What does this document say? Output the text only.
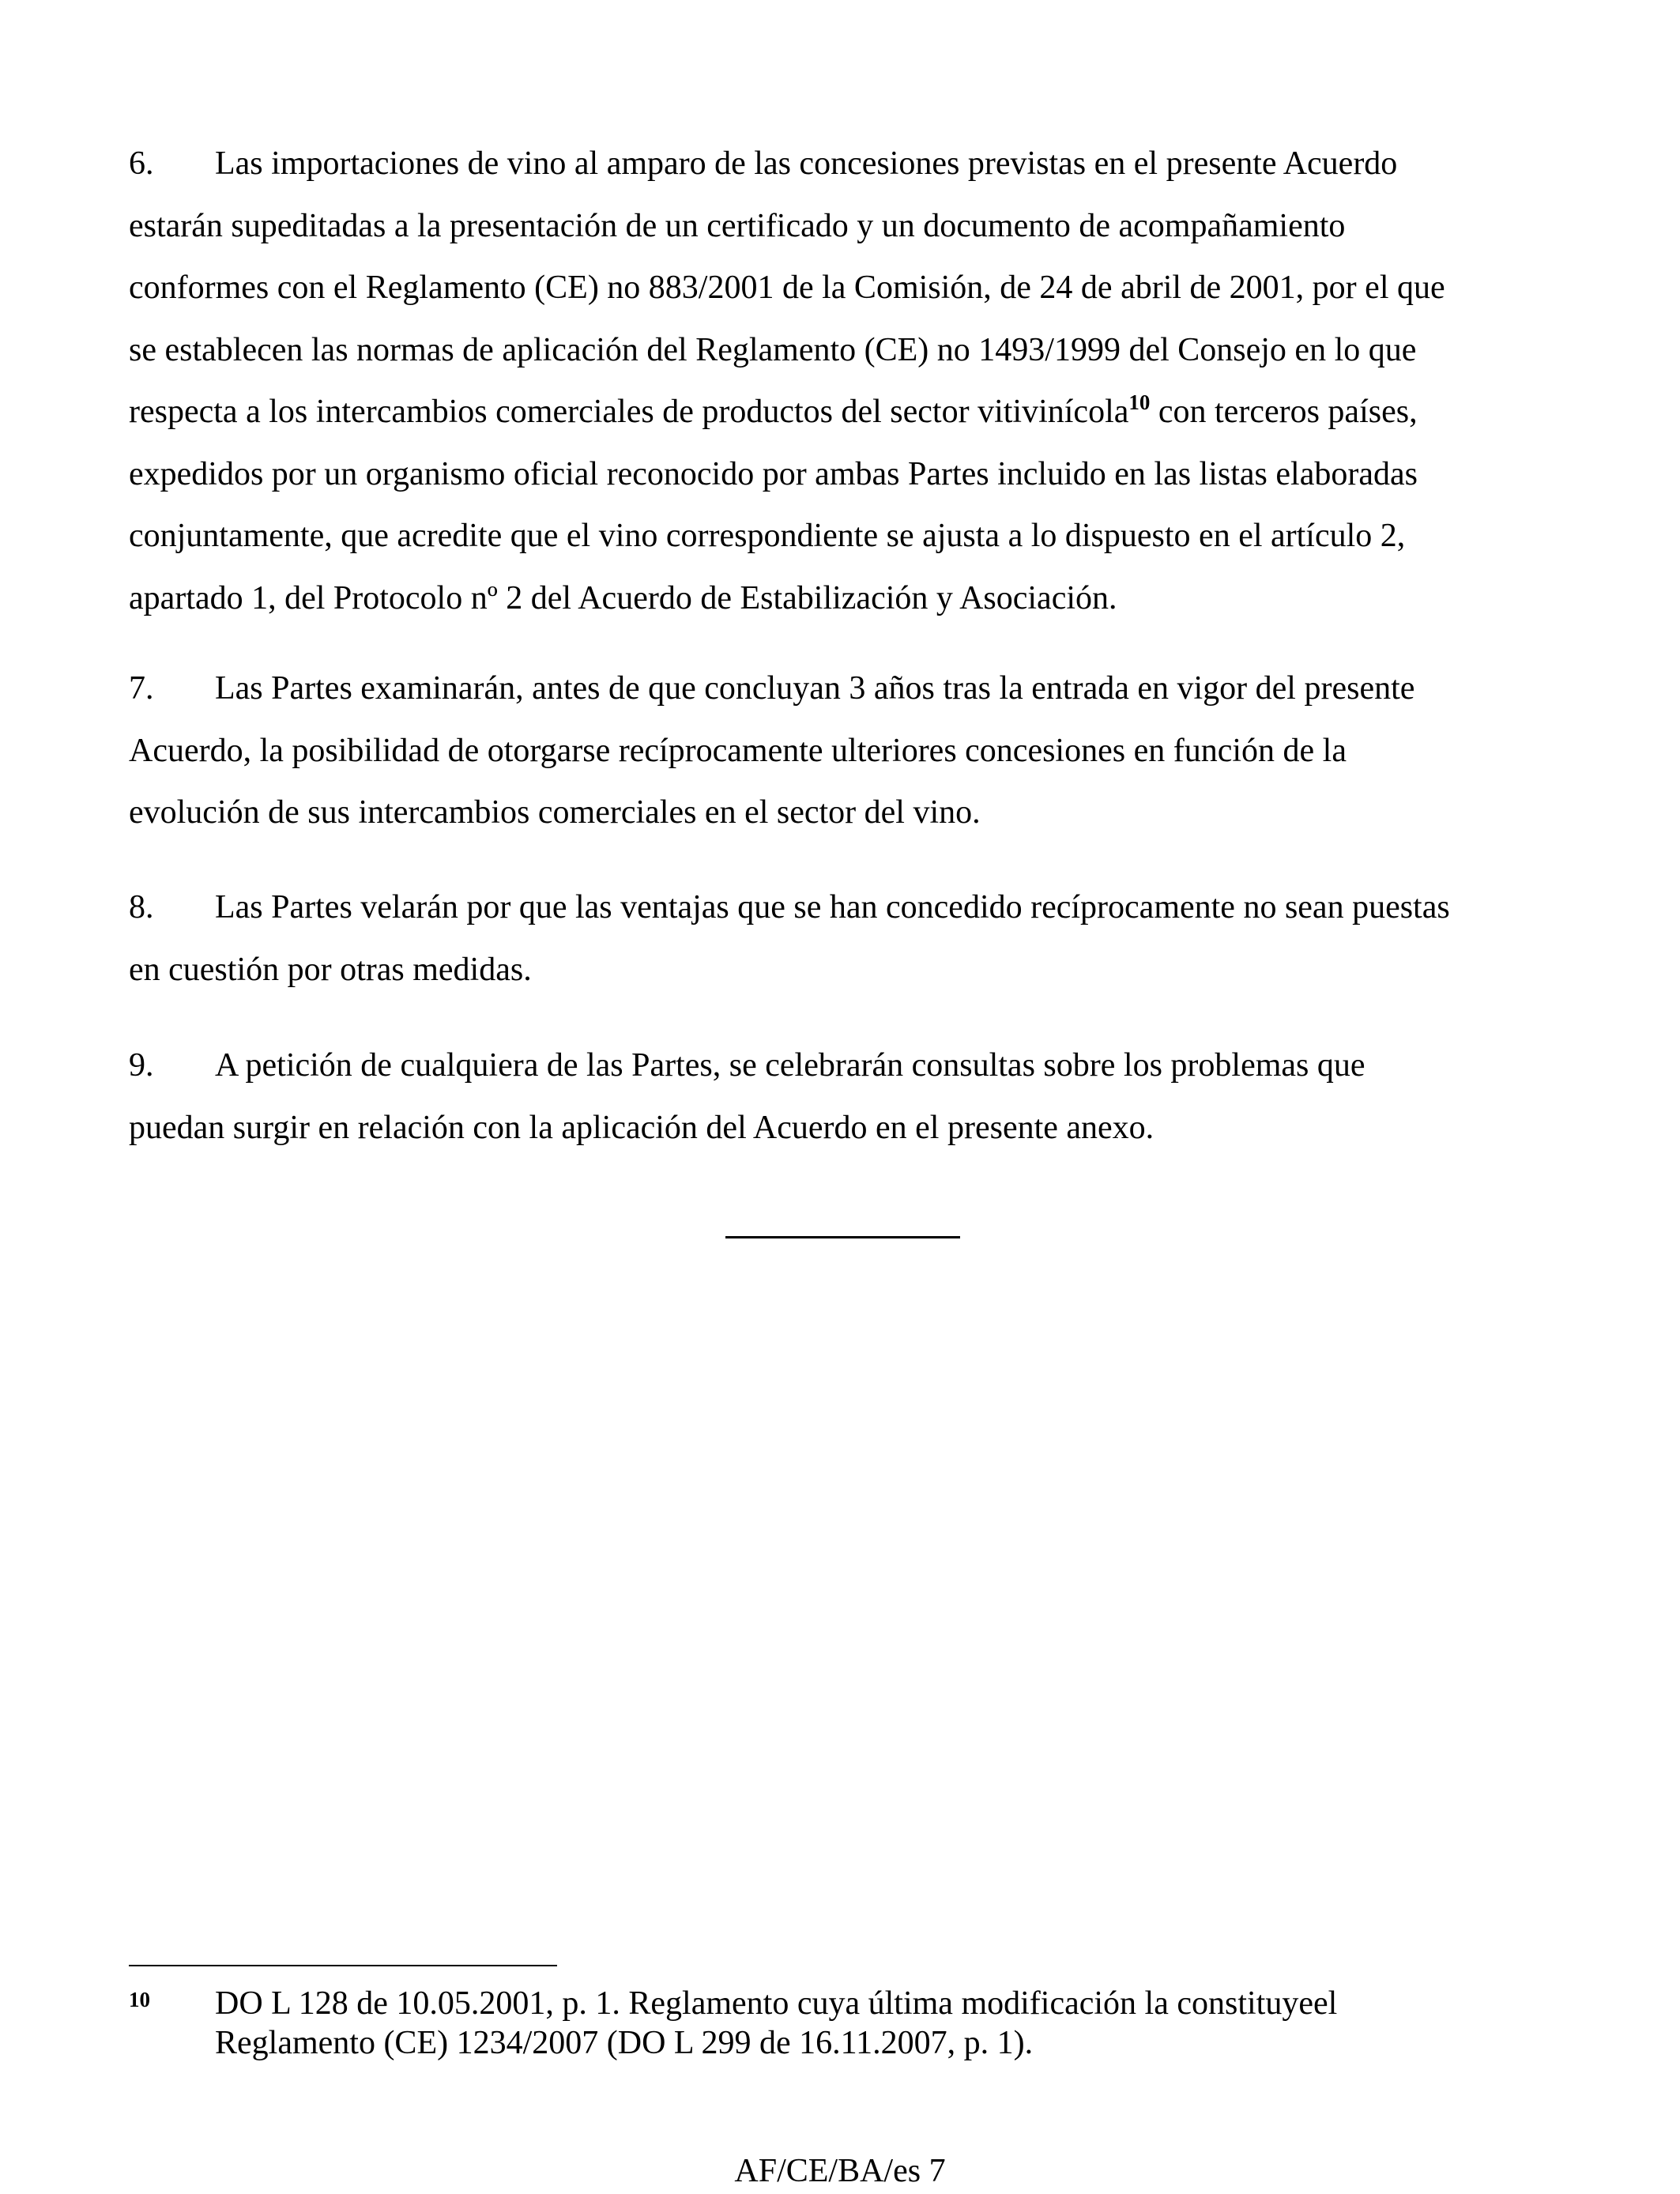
6. Las importaciones de vino al amparo de las concesiones previstas en el presente Acuerdo
estarán supeditadas a la presentación de un certificado y un documento de acompañamiento
conformes con el Reglamento (CE) no 883/2001 de la Comisión, de 24 de abril de 2001, por el que
se establecen las normas de aplicación del Reglamento (CE) no 1493/1999 del Consejo en lo que
respecta a los intercambios comerciales de productos del sector vitivinícola$^{10}$ con terceros países,
expedidos por un organismo oficial reconocido por ambas Partes incluido en las listas elaboradas
conjuntamente, que acredite que el vino correspondiente se ajusta a lo dispuesto en el artículo 2,
apartado 1, del Protocolo nº 2 del Acuerdo de Estabilización y Asociación.
7. Las Partes examinarán, antes de que concluyan 3 años tras la entrada en vigor del presente
Acuerdo, la posibilidad de otorgarse recíprocamente ulteriores concesiones en función de la
evolución de sus intercambios comerciales en el sector del vino.
8. Las Partes velarán por que las ventajas que se han concedido recíprocamente no sean puestas
en cuestión por otras medidas.
9. A petición de cualquiera de las Partes, se celebrarán consultas sobre los problemas que
puedan surgir en relación con la aplicación del Acuerdo en el presente anexo.
10 DO L 128 de 10.05.2001, p. 1. Reglamento cuya última modificación la constituyeel
Reglamento (CE) 1234/2007 (DO L 299 de 16.11.2007, p. 1).
AF/CE/BA/es 7
